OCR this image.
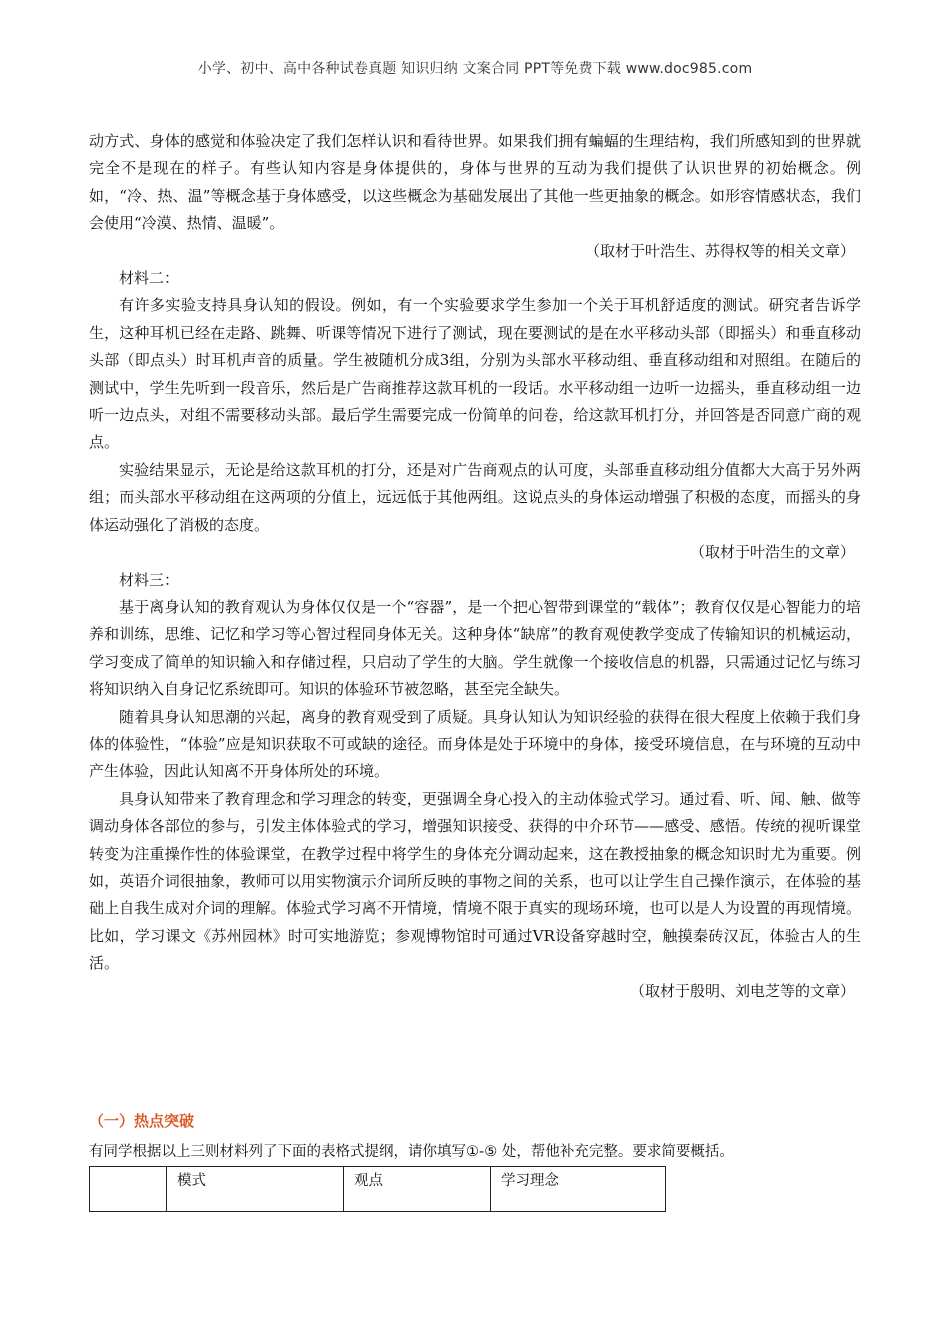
小学、初中、高中各种试卷真题 知识归纳 文案合同 PPT等免费下载 www.doc985.com

动方式、身体的感觉和体验决定了我们怎样认识和看待世界。如果我们拥有蝙蝠的生理结构，我们所感知到的世界就完全不是现在的样子。有些认知内容是身体提供的，身体与世界的互动为我们提供了认识世界的初始概念。例如，“冷、热、温”等概念基于身体感受，以这些概念为基础发展出了其他一些更抽象的概念。如形容情感状态，我们会使用“冷漠、热情、温暖”。

（取材于叶浩生、苏得权等的相关文章）

材料二：

有许多实验支持具身认知的假设。例如，有一个实验要求学生参加一个关于耳机舒适度的测试。研究者告诉学生，这种耳机已经在走路、跳舞、听课等情况下进行了测试，现在要测试的是在水平移动头部（即摇头）和垂直移动头部（即点头）时耳机声音的质量。学生被随机分成3组，分别为头部水平移动组、垂直移动组和对照组。在随后的测试中，学生先听到一段音乐，然后是广告商推荐这款耳机的一段话。水平移动组一边听一边摇头，垂直移动组一边听一边点头，对组不需要移动头部。最后学生需要完成一份简单的问卷，给这款耳机打分，并回答是否同意广商的观点。

实验结果显示，无论是给这款耳机的打分，还是对广告商观点的认可度，头部垂直移动组分值都大大高于另外两组；而头部水平移动组在这两项的分值上，远远低于其他两组。这说点头的身体运动增强了积极的态度，而摇头的身体运动强化了消极的态度。

（取材于叶浩生的文章）

材料三：

基于离身认知的教育观认为身体仅仅是一个“容器”，是一个把心智带到课堂的“载体”；教育仅仅是心智能力的培养和训练，思维、记忆和学习等心智过程同身体无关。这种身体“缺席”的教育观使教学变成了传输知识的机械运动，学习变成了简单的知识输入和存储过程，只启动了学生的大脑。学生就像一个接收信息的机器，只需通过记忆与练习将知识纳入自身记忆系统即可。知识的体验环节被忽略，甚至完全缺失。

随着具身认知思潮的兴起，离身的教育观受到了质疑。具身认知认为知识经验的获得在很大程度上依赖于我们身体的体验性，“体验”应是知识获取不可或缺的途径。而身体是处于环境中的身体，接受环境信息，在与环境的互动中产生体验，因此认知离不开身体所处的环境。

具身认知带来了教育理念和学习理念的转变，更强调全身心投入的主动体验式学习。通过看、听、闻、触、做等调动身体各部位的参与，引发主体体验式的学习，增强知识接受、获得的中介环节——感受、感悟。传统的视听课堂转变为注重操作性的体验课堂，在教学过程中将学生的身体充分调动起来，这在教授抽象的概念知识时尤为重要。例如，英语介词很抽象，教师可以用实物演示介词所反映的事物之间的关系，也可以让学生自己操作演示，在体验的基础上自我生成对介词的理解。体验式学习离不开情境，情境不限于真实的现场环境，也可以是人为设置的再现情境。比如，学习课文《苏州园林》时可实地游览；参观博物馆时可通过VR设备穿越时空，触摸秦砖汉瓦，体验古人的生活。

（取材于殷明、刘电芝等的文章）

（一）热点突破
有同学根据以上三则材料列了下面的表格式提纲，请你填写①-⑤ 处，帮他补充完整。要求简要概括。
	模式	观点	学习理念
